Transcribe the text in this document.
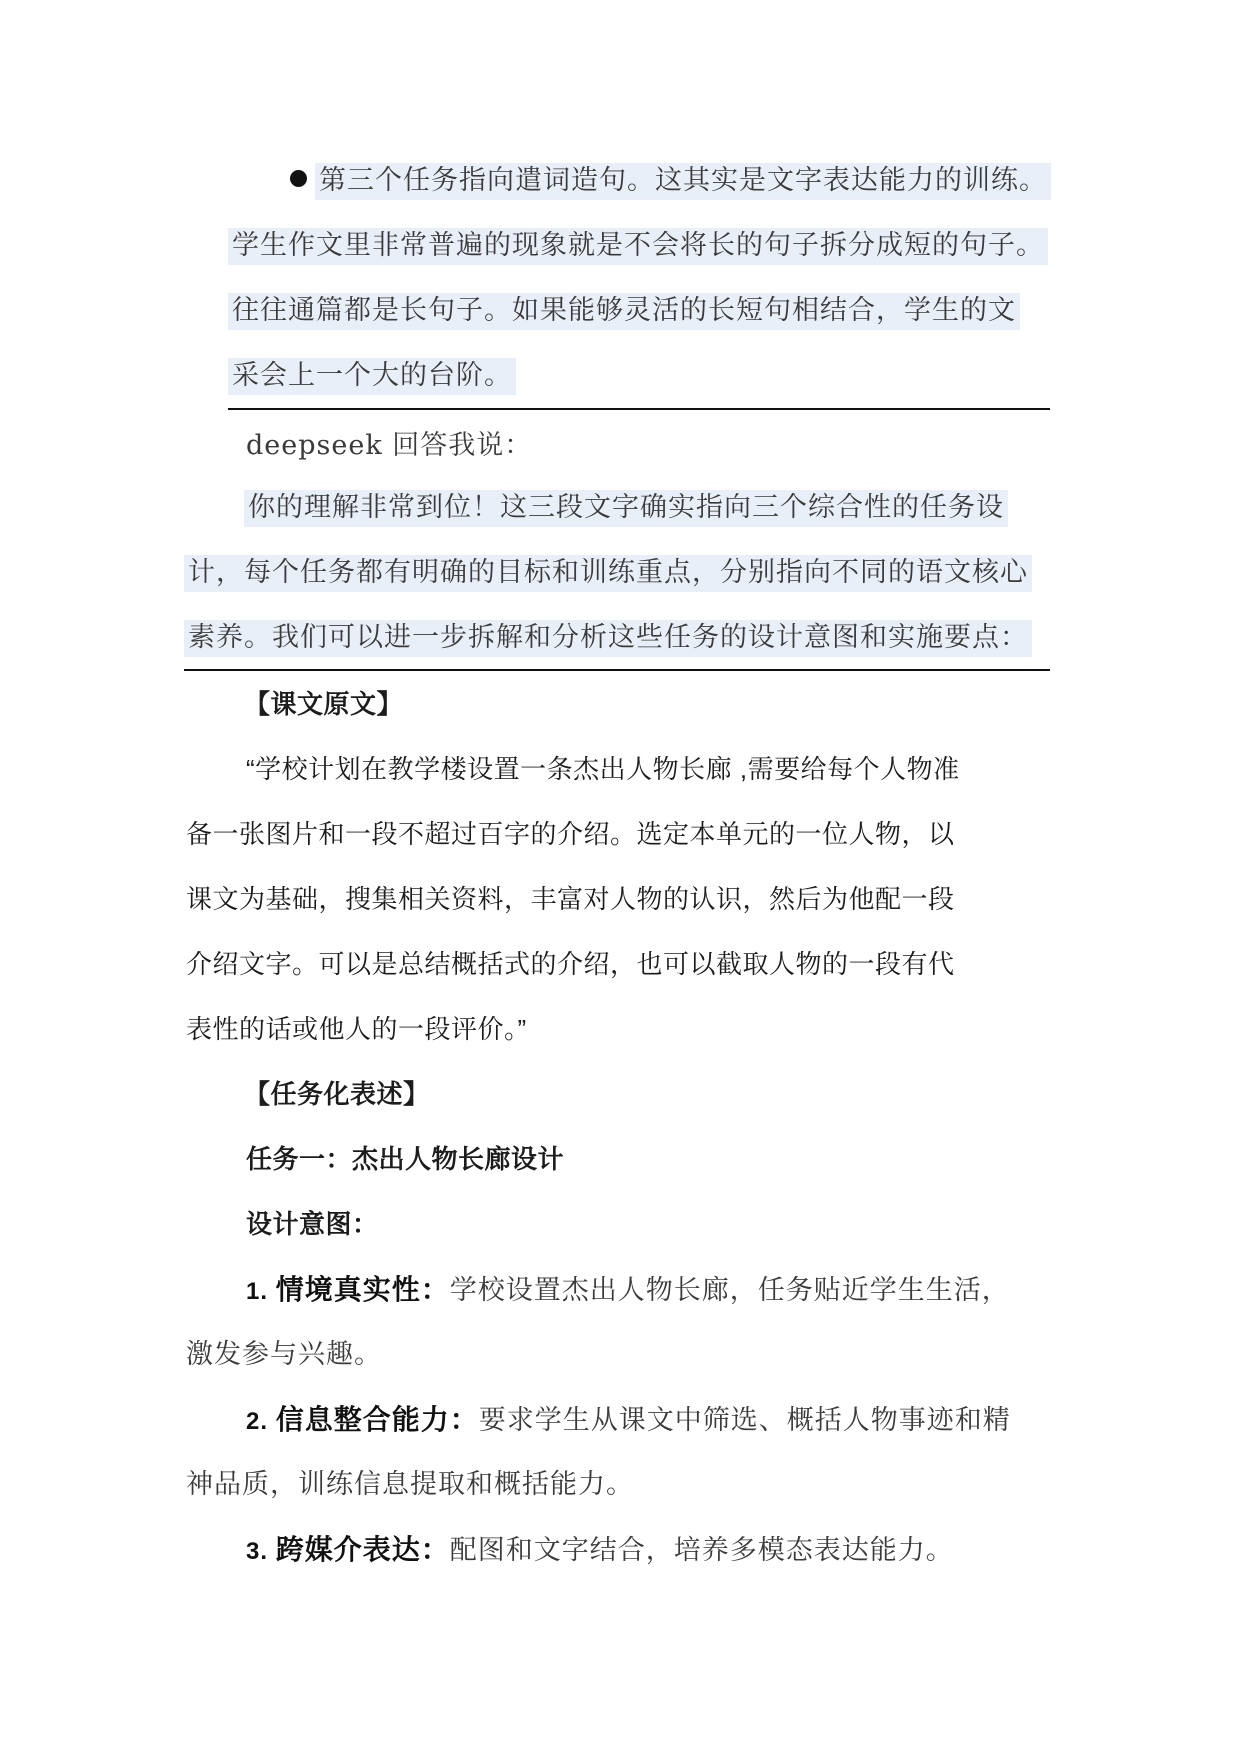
第三个任务指向遣词造句。这其实是文字表达能力的训练。
学生作文里非常普遍的现象就是不会将长的句子拆分成短的句子。
往往通篇都是长句子。如果能够灵活的长短句相结合，学生的文
采会上一个大的台阶。
deepseek 回答我说：
你的理解非常到位！这三段文字确实指向三个综合性的任务设
计，每个任务都有明确的目标和训练重点，分别指向不同的语文核心
素养。我们可以进一步拆解和分析这些任务的设计意图和实施要点：
【课文原文】
“学校计划在教学楼设置一条杰出人物长廊 ,需要给每个人物准
备一张图片和一段不超过百字的介绍。选定本单元的一位人物，以
课文为基础，搜集相关资料，丰富对人物的认识，然后为他配一段
介绍文字。可以是总结概括式的介绍，也可以截取人物的一段有代
表性的话或他人的一段评价。”
【任务化表述】
任务一：杰出人物长廊设计
设计意图：
1. 情境真实性：学校设置杰出人物长廊，任务贴近学生生活，
激发参与兴趣。
2. 信息整合能力：要求学生从课文中筛选、概括人物事迹和精
神品质，训练信息提取和概括能力。
3. 跨媒介表达：配图和文字结合，培养多模态表达能力。
